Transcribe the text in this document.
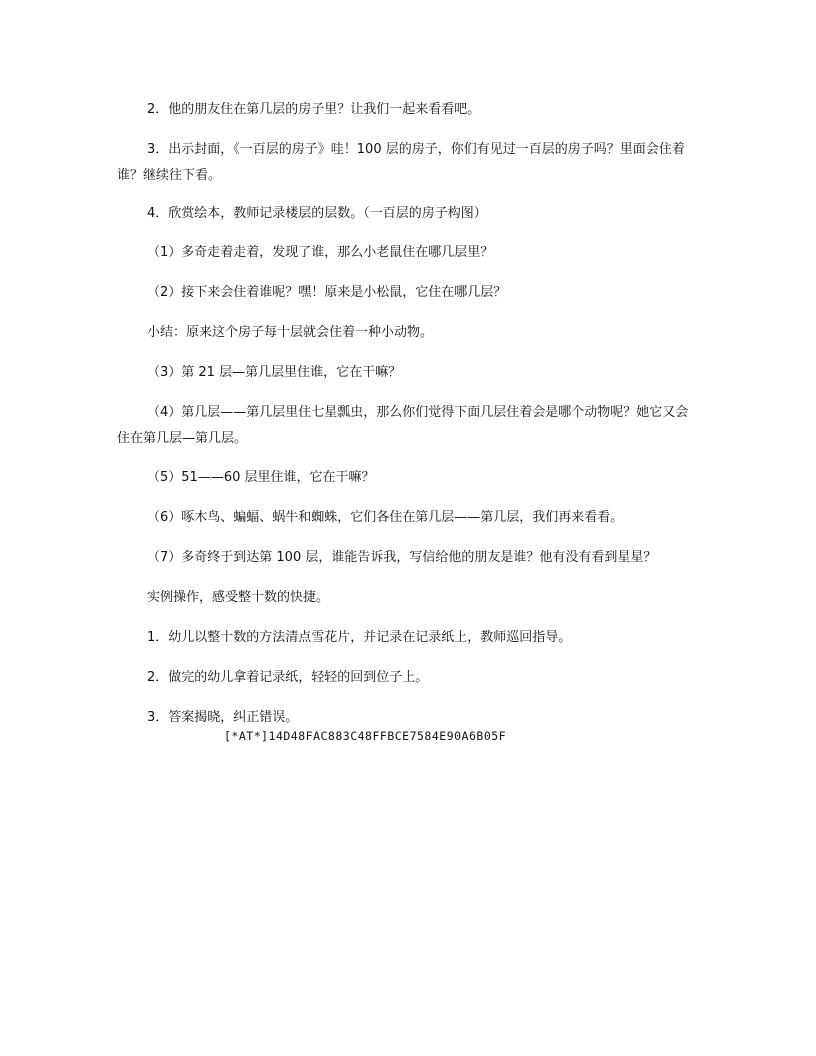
2．他的朋友住在第几层的房子里？让我们一起来看看吧。

3．出示封面，《一百层的房子》哇！100 层的房子，你们有见过一百层的房子吗？里面会住着谁？继续往下看。

4．欣赏绘本，教师记录楼层的层数。（一百层的房子构图）

（1）多奇走着走着，发现了谁，那么小老鼠住在哪几层里？

（2）接下来会住着谁呢？嘿！原来是小松鼠，它住在哪几层？

小结：原来这个房子每十层就会住着一种小动物。

（3）第 21 层—第几层里住谁，它在干嘛？

（4）第几层——第几层里住七星瓢虫，那么你们觉得下面几层住着会是哪个动物呢？她它又会住在第几层—第几层。

（5）51——60 层里住谁，它在干嘛？

（6）啄木鸟、蝙蝠、蜗牛和蜘蛛，它们各住在第几层——第几层，我们再来看看。

（7）多奇终于到达第 100 层，谁能告诉我，写信给他的朋友是谁？他有没有看到星星？

实例操作，感受整十数的快捷。

1．幼儿以整十数的方法清点雪花片，并记录在记录纸上，教师巡回指导。

2．做完的幼儿拿着记录纸，轻轻的回到位子上。

3．答案揭晓，纠正错误。

[*AT*]14D48FAC883C48FFBCE7584E90A6B05F
